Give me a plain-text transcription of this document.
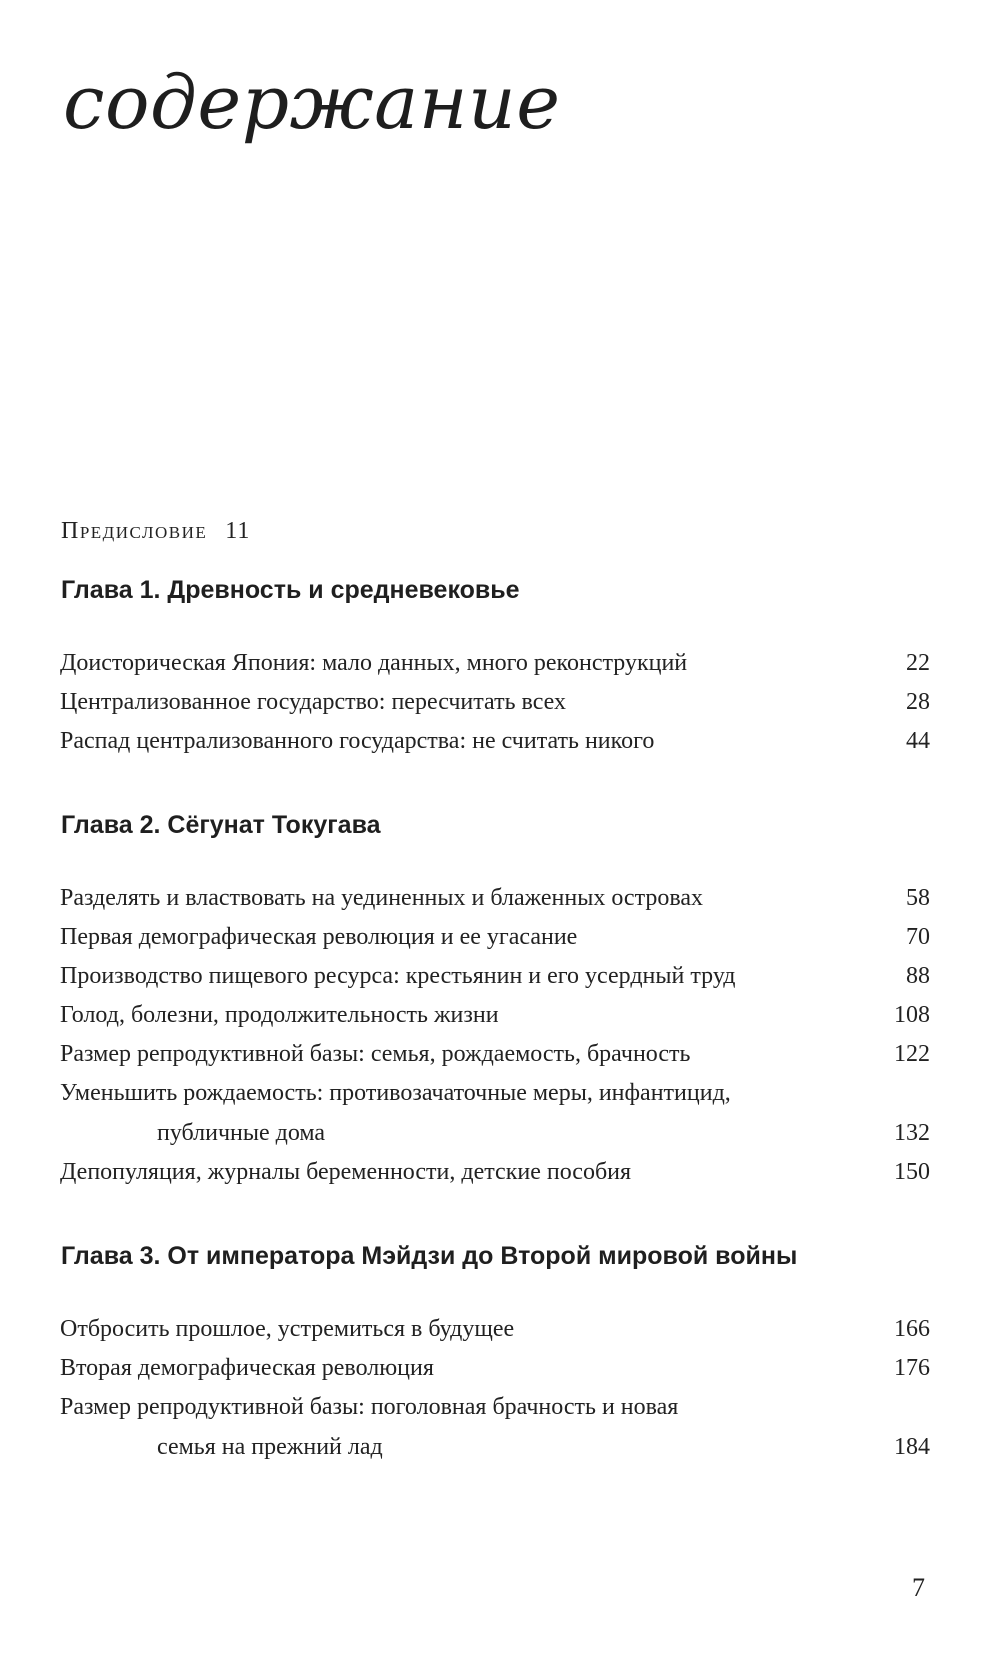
содержание
Предисловие 11
Глава 1. Древность и средневековье
Доисторическая Япония: мало данных, много реконструкций	22
Централизованное государство: пересчитать всех	28
Распад централизованного государства: не считать никого	44
Глава 2. Сёгунат Токугава
Разделять и властвовать на уединенных и блаженных островах	58
Первая демографическая революция и ее угасание	70
Производство пищевого ресурса: крестьянин и его усердный труд	88
Голод, болезни, продолжительность жизни	108
Размер репродуктивной базы: семья, рождаемость, брачность	122
Уменьшить рождаемость: противозачаточные меры, инфантицид,
публичные дома	132
Депопуляция, журналы беременности, детские пособия	150
Глава 3. От императора Мэйдзи до Второй мировой войны
Отбросить прошлое, устремиться в будущее	166
Вторая демографическая революция	176
Размер репродуктивной базы: поголовная брачность и новая
семья на прежний лад	184
7
